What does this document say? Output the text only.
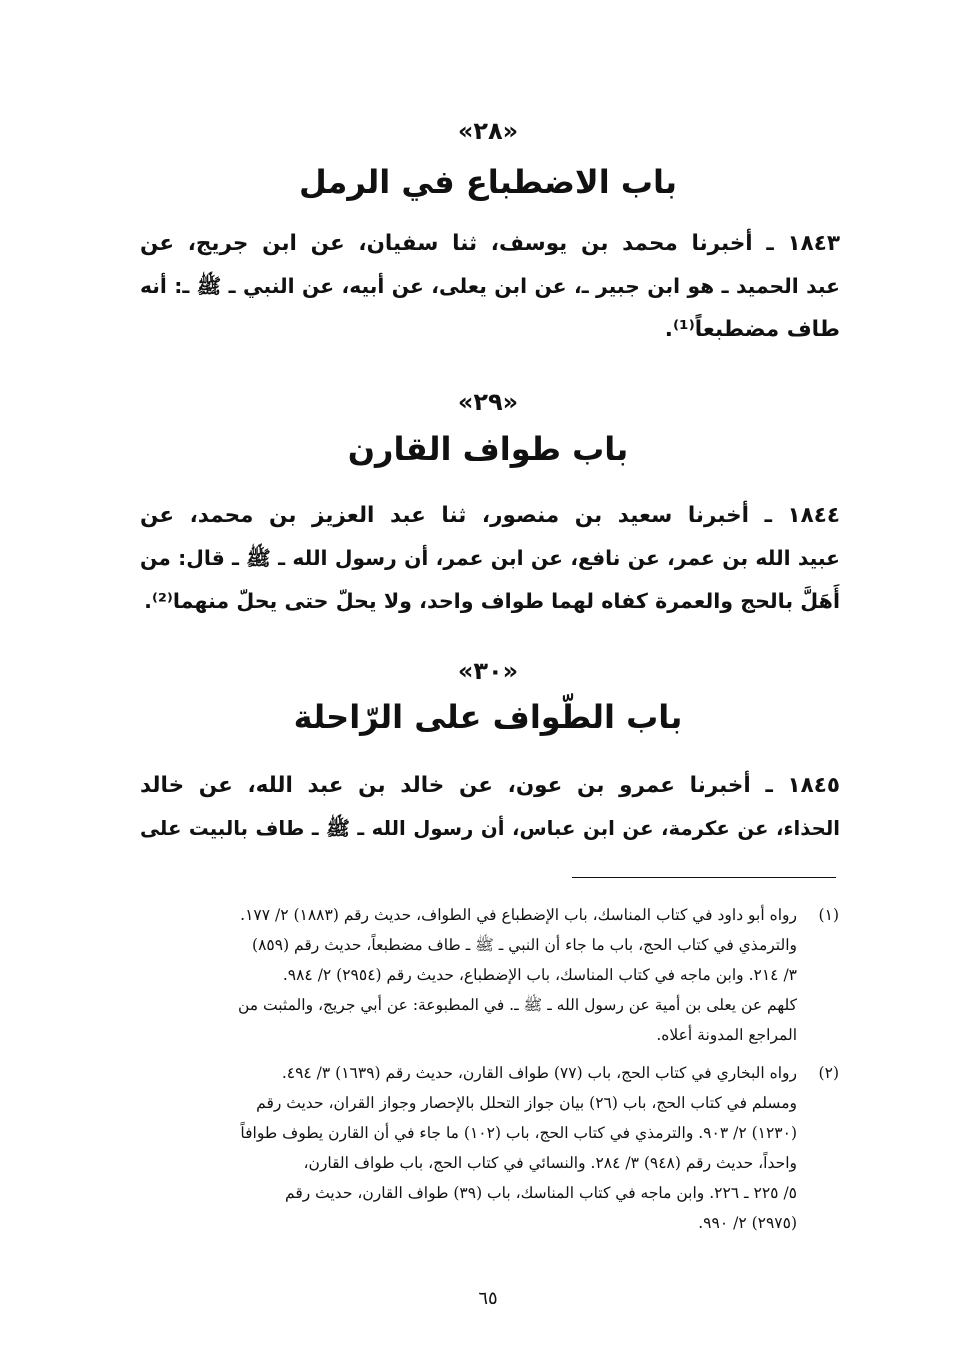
«٢٨»
باب الاضطباع في الرمل
١٨٤٣ ـ أخبرنا محمد بن يوسف، ثنا سفيان، عن ابن جريج، عن
عبد الحميد ـ هو ابن جبير ـ، عن ابن يعلى، عن أبيه، عن النبي ـ ﷺ ـ: أنه
طاف مضطبعاً⁽¹⁾.
«٢٩»
باب طواف القارن
١٨٤٤ ـ أخبرنا سعيد بن منصور، ثنا عبد العزيز بن محمد، عن
عبيد الله بن عمر، عن نافع، عن ابن عمر، أن رسول الله ـ ﷺ ـ قال: من
أَهَلَّ بالحج والعمرة كفاه لهما طواف واحد، ولا يحلّ حتى يحلّ منهما⁽²⁾.
«٣٠»
باب الطّواف على الرّاحلة
١٨٤٥ ـ أخبرنا عمرو بن عون، عن خالد بن عبد الله، عن خالد
الحذاء، عن عكرمة، عن ابن عباس، أن رسول الله ـ ﷺ ـ طاف بالبيت على
(١)
رواه أبو داود في كتاب المناسك، باب الإضطباع في الطواف، حديث رقم (١٨٨٣) ٢/ ١٧٧.
والترمذي في كتاب الحج، باب ما جاء أن النبي ـ ﷺ ـ طاف مضطبعاً، حديث رقم (٨٥٩)
٣/ ٢١٤. وابن ماجه في كتاب المناسك، باب الإضطباع، حديث رقم (٢٩٥٤) ٢/ ٩٨٤.
كلهم عن يعلى بن أمية عن رسول الله ـ ﷺ ـ. في المطبوعة: عن أبي جريج، والمثبت من
المراجع المدونة أعلاه.
(٢)
رواه البخاري في كتاب الحج، باب (٧٧) طواف القارن، حديث رقم (١٦٣٩) ٣/ ٤٩٤.
ومسلم في كتاب الحج، باب (٢٦) بيان جواز التحلل بالإحصار وجواز القران، حديث رقم
(١٢٣٠) ٢/ ٩٠٣. والترمذي في كتاب الحج، باب (١٠٢) ما جاء في أن القارن يطوف طوافاً
واحداً، حديث رقم (٩٤٨) ٣/ ٢٨٤. والنسائي في كتاب الحج، باب طواف القارن،
٥/ ٢٢٥ ـ ٢٢٦. وابن ماجه في كتاب المناسك، باب (٣٩) طواف القارن، حديث رقم
(٢٩٧٥) ٢/ ٩٩٠.
٦٥
